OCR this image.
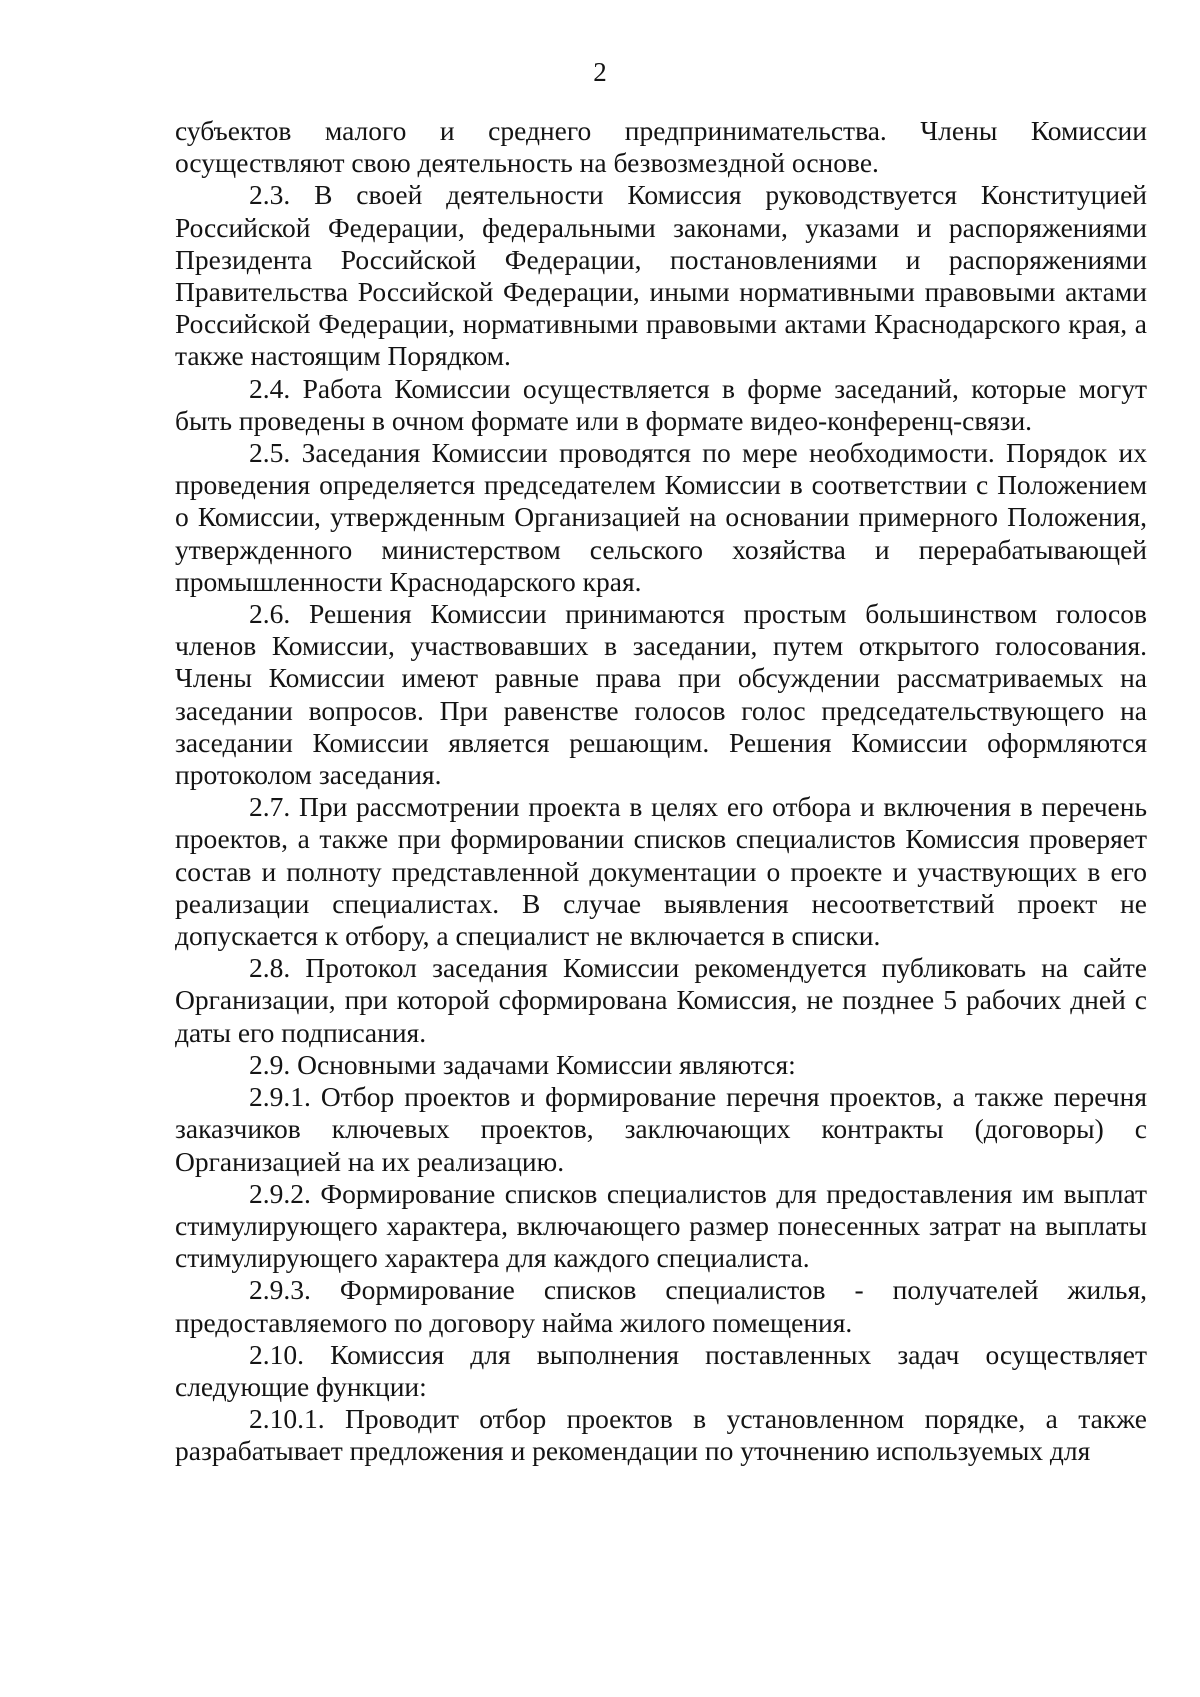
2

субъектов малого и среднего предпринимательства. Члены Комиссии осуществляют свою деятельность на безвозмездной основе.

2.3. В своей деятельности Комиссия руководствуется Конституцией Российской Федерации, федеральными законами, указами и распоряжениями Президента Российской Федерации, постановлениями и распоряжениями Правительства Российской Федерации, иными нормативными правовыми актами Российской Федерации, нормативными правовыми актами Краснодарского края, а также настоящим Порядком.

2.4. Работа Комиссии осуществляется в форме заседаний, которые могут быть проведены в очном формате или в формате видео-конференц-связи.

2.5. Заседания Комиссии проводятся по мере необходимости. Порядок их проведения определяется председателем Комиссии в соответствии с Положением о Комиссии, утвержденным Организацией на основании примерного Положения, утвержденного министерством сельского хозяйства и перерабатывающей промышленности Краснодарского края.

2.6. Решения Комиссии принимаются простым большинством голосов членов Комиссии, участвовавших в заседании, путем открытого голосования. Члены Комиссии имеют равные права при обсуждении рассматриваемых на заседании вопросов. При равенстве голосов голос председательствующего на заседании Комиссии является решающим. Решения Комиссии оформляются протоколом заседания.

2.7. При рассмотрении проекта в целях его отбора и включения в перечень проектов, а также при формировании списков специалистов Комиссия проверяет состав и полноту представленной документации о проекте и участвующих в его реализации специалистах. В случае выявления несоответствий проект не допускается к отбору, а специалист не включается в списки.

2.8. Протокол заседания Комиссии рекомендуется публиковать на сайте Организации, при которой сформирована Комиссия, не позднее 5 рабочих дней с даты его подписания.

2.9. Основными задачами Комиссии являются:

2.9.1. Отбор проектов и формирование перечня проектов, а также перечня заказчиков ключевых проектов, заключающих контракты (договоры) с Организацией на их реализацию.

2.9.2. Формирование списков специалистов для предоставления им выплат стимулирующего характера, включающего размер понесенных затрат на выплаты стимулирующего характера для каждого специалиста.

2.9.3. Формирование списков специалистов - получателей жилья, предоставляемого по договору найма жилого помещения.

2.10. Комиссия для выполнения поставленных задач осуществляет следующие функции:

2.10.1. Проводит отбор проектов в установленном порядке, а также разрабатывает предложения и рекомендации по уточнению используемых для
